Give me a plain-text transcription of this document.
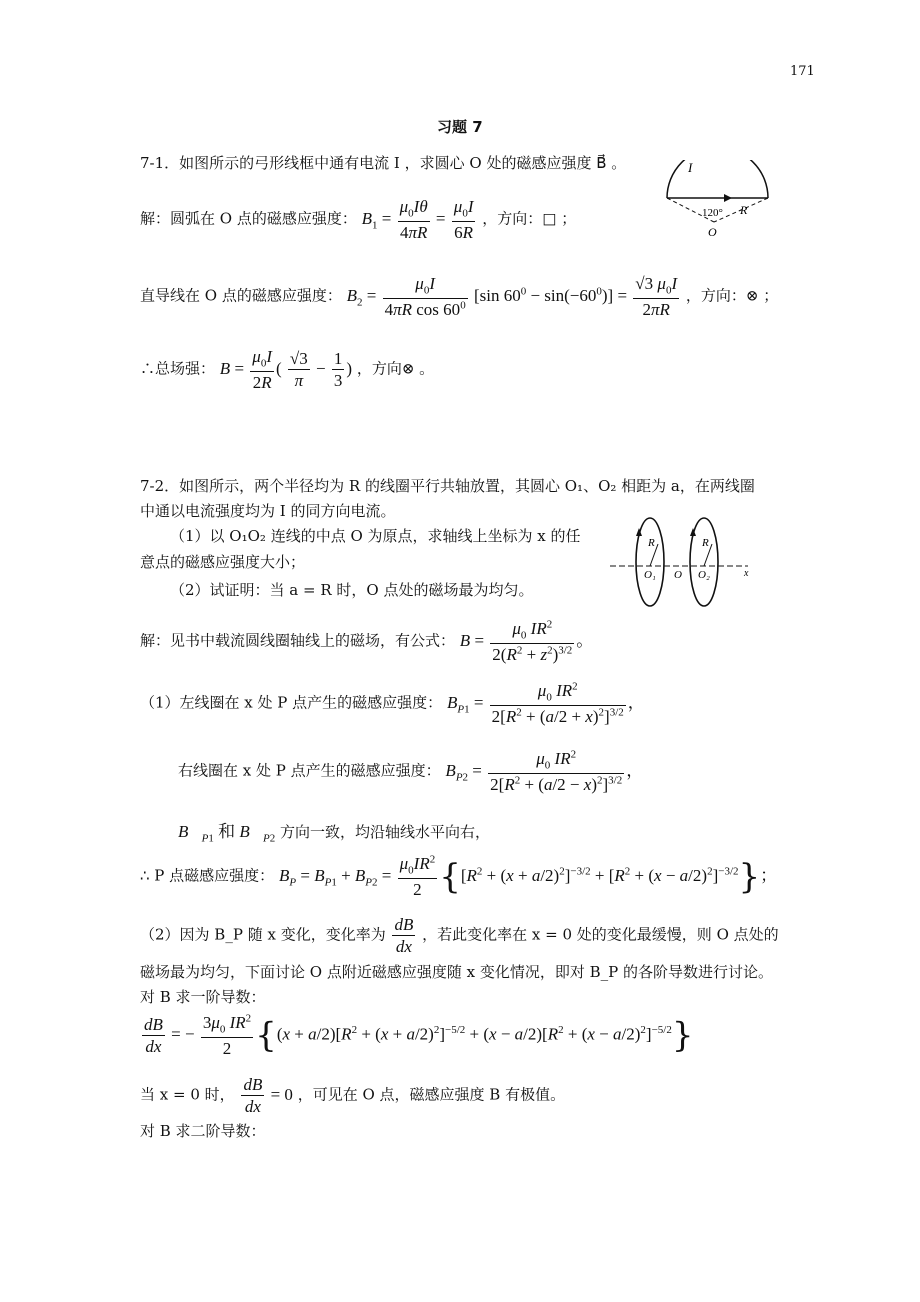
171
习题 7
7-1．如图所示的弓形线框中通有电流 I ，求圆心 O 处的磁感应强度 B⃗ 。	I
120° R
O
解：圆弧在 O 点的磁感应强度： $B_1 = \frac{\mu_0I\theta}{4\pi R} = \frac{\mu_0I}{6R}$ ，方向：□ ；
直导线在 O 点的磁感应强度： $B_2 = \frac{\mu_0I}{4\pi R \cos 60^0} [\sin$ $60^0 - \sin(-60^0)] = \frac{√3 \mu_0I}{2\pi R}$ ，方向：⊗ ；
∴总场强： $B = \frac{\mu_0I}{2R}$ ( $\frac{√3}{\pi} - \frac{1}{3}$ ) ，方向⊗ 。
7-2．如图所示，两个半径均为 R 的线圈平行共轴放置，其圆心 O₁、O₂ 相距为 a，在两线圈
中通以电流强度均为 I 的同方向电流。
（1）以 O₁O₂ 连线的中点 O 为原点，求轴线上坐标为 x 的任
意点的磁感应强度大小；
（2）试证明：当 a = R 时，O 点处的磁场最为均匀。
R	R
O₁ O O₂	x
解：见书中载流圆线圈轴线上的磁场，有公式： $B = \frac{\mu_0 IR^2}{2(R^2 + z^2)^{3/2}}$ 。
（1）左线圈在 x 处 P 点产生的磁感应强度： $B_{P1} = \frac{\mu_0 IR^2}{2[R^2 + (a/2 + x)^2]^{3/2}}$ ，
右线圈在 x 处 P 点产生的磁感应强度： $B_{P2} = \frac{\mu_0 IR^2}{2[R^2 + (a/2 - x)^2]^{3/2}}$ ，
$B⃗_{P1}$ 和 $B⃗_{P2}$ 方向一致，均沿轴线水平向右，
∴ P 点磁感应强度： $B_P = B_{P1} + B_{P2} = \frac{\mu_0IR^2}{2} \{[R^2 + (x + a/2)^2]^{-3/2} + [R^2 + (x - a/2)^2]^{-3/2}\}$；
（2）因为 B_P 随 x 变化，变化率为 $\frac{dB}{dx}$ ，若此变化率在 x = 0 处的变化最缓慢，则 O 点处的
磁场最为均匀，下面讨论 O 点附近磁感应强度随 x 变化情况，即对 B_P 的各阶导数进行讨论。
对 B 求一阶导数：
$\frac{dB}{dx}$ = − $\frac{3\mu_0 IR^2}{2} \{(x + a/2)[R^2 + (x + a/2)^2]^{-5/2} + (x - a/2)[R^2 + (x - a/2)^2]^{-5/2}\}$
当 x = 0 时， $\frac{dB}{dx} = 0$ ，可见在 O 点，磁感应强度 B 有极值。
对 B 求二阶导数：
